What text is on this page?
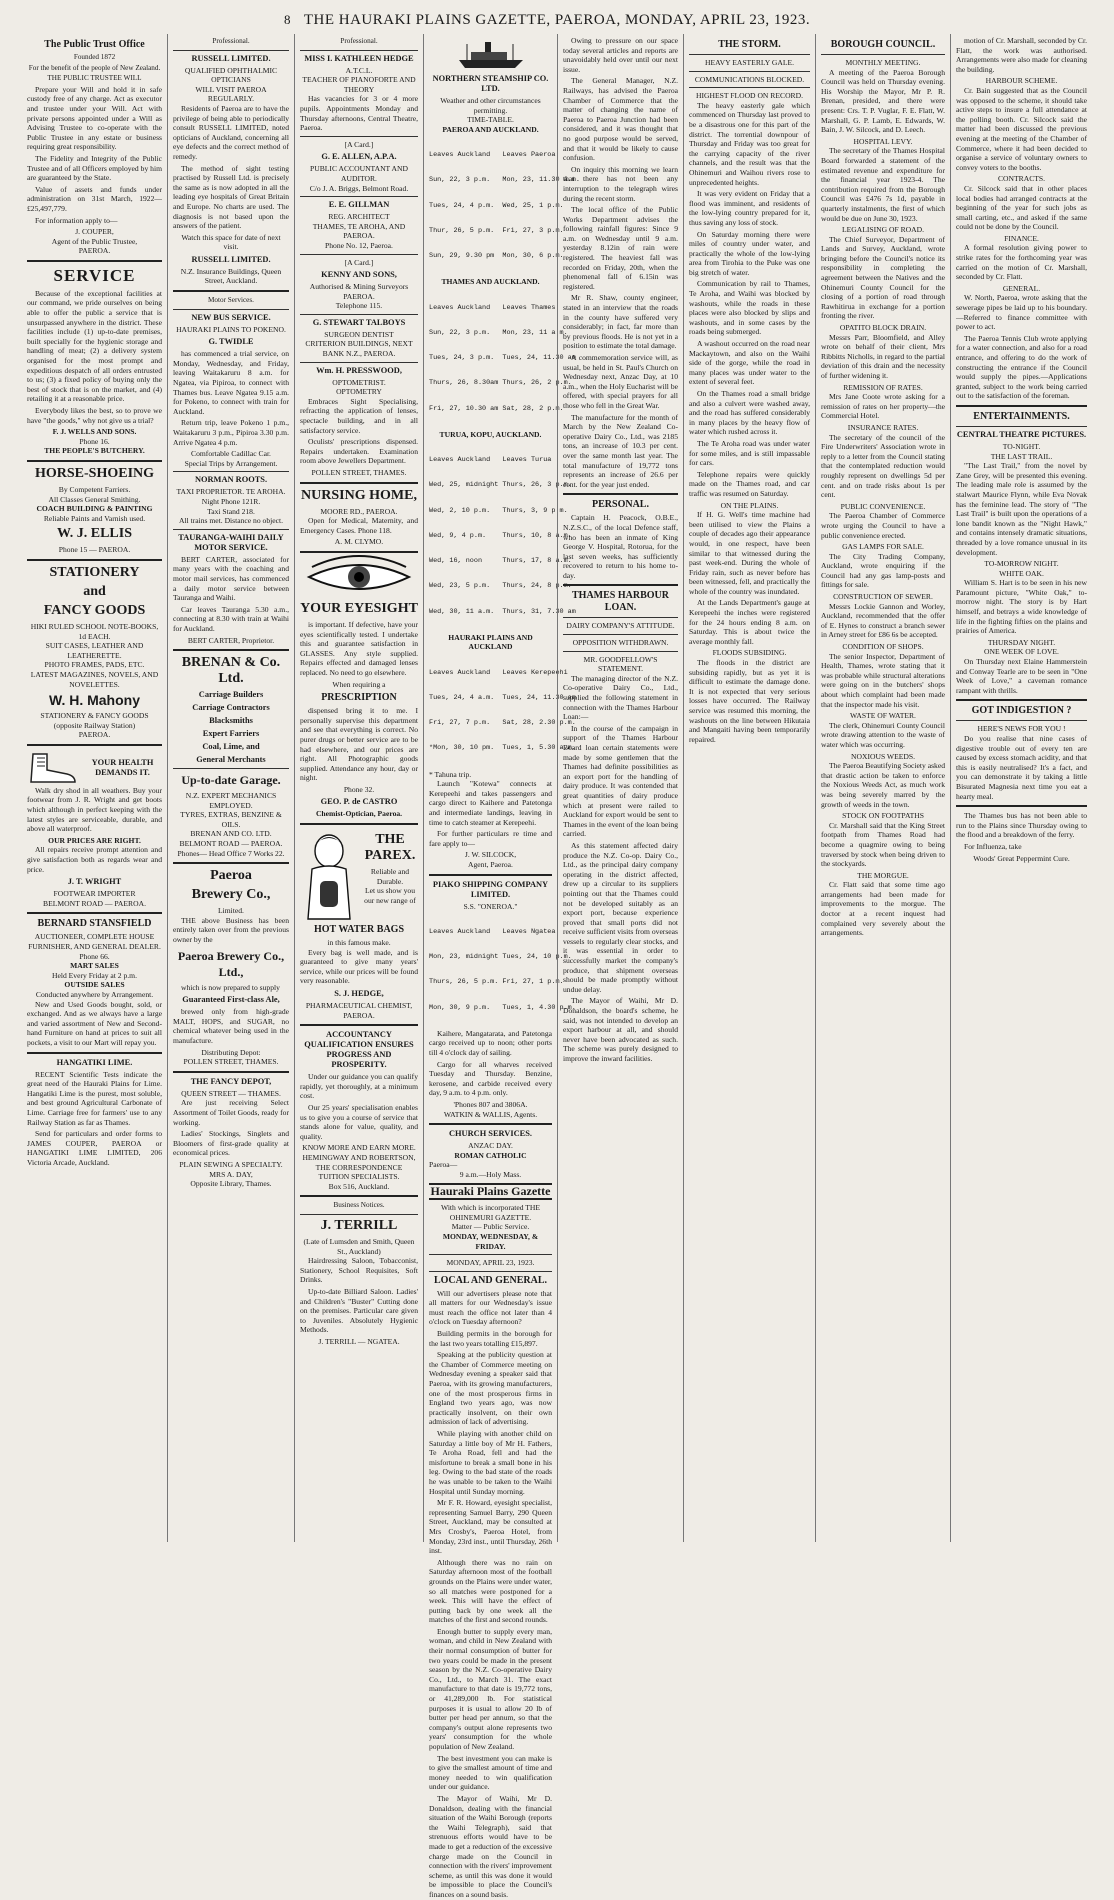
8 THE HAURAKI PLAINS GAZETTE, PAEROA, MONDAY, APRIL 23, 1923.
The Public Trust Office
Founded 1872
For the benefit of the people of New Zealand.
THE PUBLIC TRUSTEE WILL
Prepare your Will and hold it in safe custody free of any charge. Act as executor and trustee under your Will. Act with private persons appointed under a Will as Advising Trustee to co-operate with the Public Trustee in any estate or business requiring great responsibility.
The Fidelity and Integrity of the Public Trustee and of all Officers employed by him are guaranteed by the State.
Value of assets and funds under administration on 31st March, 1922—£25,497,779.
For information apply to—
J. COUPER,
Agent of the Public Trustee,
PAEROA.
SERVICE
Because of the exceptional facilities at our command, we pride ourselves on being able to offer the public a service that is unsurpassed anywhere in the district. These facilities include (1) up-to-date premises, built specially for the hygienic storage and handling of meat; (2) a delivery system organised for the most prompt and expeditious despatch of all orders entrusted to us; (3) a fixed policy of buying only the best of stock that is on the market, and (4) retailing it at a reasonable price.
Everybody likes the best, so to prove we have "the goods," why not give us a trial?
F. J. WELLS AND SONS.
Phone 16.
THE PEOPLE'S BUTCHERY.
HORSE-SHOEING
By Competent Farriers.
All Classes General Smithing.
COACH BUILDING & PAINTING
Reliable Paints and Varnish used.
W. J. ELLIS
Phone 15 — PAEROA.
STATIONERY
and
FANCY GOODS
HIKI RULED SCHOOL NOTE-BOOKS, 1d EACH.
SUIT CASES, LEATHER AND LEATHERETTE.
PHOTO FRAMES, PADS, ETC.
LATEST MAGAZINES, NOVELS, AND NOVELETTES.
W. H. Mahony
STATIONERY & FANCY GOODS
(opposite Railway Station)
PAEROA.
YOUR HEALTH DEMANDS IT.
Walk dry shod in all weathers. Buy your footwear from J. R. Wright and get boots which although in perfect keeping with the latest styles are serviceable, durable, and above all waterproof.
OUR PRICES ARE RIGHT.
All repairs receive prompt attention and give satisfaction both as regards wear and price.
J. T. WRIGHT
FOOTWEAR IMPORTER
BELMONT ROAD — PAEROA.
BERNARD STANSFIELD
AUCTIONEER, COMPLETE HOUSE FURNISHER, AND GENERAL DEALER.
Phone 66.
MART SALES
Held Every Friday at 2 p.m.
OUTSIDE SALES
Conducted anywhere by Arrangement.
New and Used Goods bought, sold, or exchanged. And as we always have a large and varied assortment of New and Second-hand Furniture on hand at prices to suit all pockets, a visit to our Mart will repay you.
HANGATIKI LIME.
RECENT Scientific Tests indicate the great need of the Hauraki Plains for Lime. Hangatiki Lime is the purest, most soluble, and best ground Agricultural Carbonate of Lime. Carriage free for farmers' use to any Railway Station as far as Thames.
Send for particulars and order forms to JAMES COUPER, PAEROA or HANGATIKI LIME LIMITED, 206 Victoria Arcade, Auckland.
Professional.
RUSSELL LIMITED.
QUALIFIED OPHTHALMIC OPTICIANS
WILL VISIT PAEROA REGULARLY.
Residents of Paeroa are to have the privilege of being able to periodically consult RUSSELL LIMITED, noted opticians of Auckland, concerning all eye defects and the correct method of remedy.
The method of sight testing practised by Russell Ltd. is precisely the same as is now adopted in all the leading eye hospitals of Great Britain and Europe. No charts are used. The diagnosis is not based upon the answers of the patient.
Watch this space for date of next visit.
RUSSELL LIMITED.
N.Z. Insurance Buildings, Queen Street, Auckland.
Motor Services.
NEW BUS SERVICE.
HAURAKI PLAINS TO POKENO.
G. TWIDLE
has commenced a trial service, on Monday, Wednesday, and Friday, leaving Waitakaruru 8 a.m. for Ngatea, via Pipiroa, to connect with Thames bus. Leave Ngatea 9.15 a.m. for Pokeno, to connect with train for Auckland.
Return trip, leave Pokeno 1 p.m., Waitakaruru 3 p.m., Pipiroa 3.30 p.m. Arrive Ngatea 4 p.m.
Comfortable Cadillac Car.
Special Trips by Arrangement.
NORMAN ROOTS.
TAXI PROPRIETOR. TE AROHA.
Night Phone 121R.
Taxi Stand 218.
All trains met. Distance no object.
TAURANGA-WAIHI DAILY MOTOR SERVICE.
BERT CARTER, associated for many years with the coaching and motor mail services, has commenced a daily motor service between Tauranga and Waihi.
Car leaves Tauranga 5.30 a.m., connecting at 8.30 with train at Waihi for Auckland.
BERT CARTER, Proprietor.
BRENAN & Co. Ltd.
Carriage Builders
Carriage Contractors
Blacksmiths
Expert Farriers
Coal, Lime, and
General Merchants
Up-to-date Garage.
N.Z. EXPERT MECHANICS EMPLOYED.
TYRES, EXTRAS, BENZINE & OILS.
BRENAN AND CO. LTD.
BELMONT ROAD — PAEROA.
Phones— Head Office 7 Works 22.
Paeroa
Brewery Co.,
Limited.
THE above Business has been entirely taken over from the previous owner by the
Paeroa Brewery Co., Ltd.,
which is now prepared to supply
Guaranteed First-class Ale,
brewed only from high-grade MALT, HOPS, and SUGAR, no chemical whatever being used in the manufacture.
Distributing Depot:
POLLEN STREET, THAMES.
THE FANCY DEPOT,
QUEEN STREET — THAMES.
Are just receiving Select Assortment of Toilet Goods, ready for working.
Ladies' Stockings, Singlets and Bloomers of first-grade quality at economical prices.
PLAIN SEWING A SPECIALTY.
MRS A. DAY,
Opposite Library, Thames.
Professional.
MISS I. KATHLEEN HEDGE
A.T.C.L.
TEACHER OF PIANOFORTE AND THEORY
Has vacancies for 3 or 4 more pupils. Appointments Monday and Thursday afternoons, Central Theatre, Paeroa.
[A Card.]
G. E. ALLEN, A.P.A.
PUBLIC ACCOUNTANT AND AUDITOR.
C/o J. A. Briggs, Belmont Road.
E. E. GILLMAN
REG. ARCHITECT
THAMES, TE AROHA, AND PAEROA.
Phone No. 12, Paeroa.
[A Card.]
KENNY AND SONS,
Authorised & Mining Surveyors
PAEROA.
Telephone 115.
G. STEWART TALBOYS
SURGEON DENTIST
CRITERION BUILDINGS, NEXT BANK N.Z., PAEROA.
Wm. H. PRESSWOOD,
OPTOMETRIST.
OPTOMETRY
Embraces Sight Specialising, refracting the application of lenses, spectacle building, and in all satisfactory service.
Oculists' prescriptions dispensed. Repairs undertaken. Examination room above Jewellers Department.
POLLEN STREET, THAMES.
NURSING HOME,
MOORE RD., PAEROA.
Open for Medical, Maternity, and Emergency Cases. Phone 118.
A. M. CLYMO.
YOUR EYESIGHT
is important. If defective, have your eyes scientifically tested. I undertake this and guarantee satisfaction in GLASSES. Any style supplied. Repairs effected and damaged lenses replaced. No need to go elsewhere.
When requiring a
PRESCRIPTION
dispensed bring it to me. I personally supervise this department and see that everything is correct. No purer drugs or better service are to be had elsewhere, and our prices are right. All Photographic goods supplied. Attendance any hour, day or night.
Phone 32.
GEO. P. de CASTRO
Chemist-Optician, Paeroa.
THE PAREX.
Reliable and Durable.
Let us show you our new range of
HOT WATER BAGS
in this famous make.
Every bag is well made, and is guaranteed to give many years' service, while our prices will be found very reasonable.
S. J. HEDGE,
PHARMACEUTICAL CHEMIST, PAEROA.
ACCOUNTANCY QUALIFICATION ENSURES PROGRESS AND PROSPERITY.
Under our guidance you can qualify rapidly, yet thoroughly, at a minimum cost.
Our 25 years' specialisation enables us to give you a course of service that stands alone for value, quality, and quality.
KNOW MORE AND EARN MORE.
HEMINGWAY AND ROBERTSON,
THE CORRESPONDENCE TUITION SPECIALISTS.
Box 516, Auckland.
Business Notices.
J. TERRILL
(Late of Lumsden and Smith, Queen St., Auckland)
Hairdressing Saloon, Tobacconist, Stationery, School Requisites, Soft Drinks.
Up-to-date Billiard Saloon. Ladies' and Children's "Buster" Cutting done on the premises. Particular care given to Juveniles. Absolutely Hygienic Methods.
J. TERRILL — NGATEA.
NORTHERN STEAMSHIP CO. LTD.
Weather and other circumstances permitting.
TIME-TABLE.
PAEROA AND AUCKLAND.

Leaves Auckland   Leaves Paeroa

Sun, 22, 3 p.m.   Mon, 23, 11.30 a.m.

Tues, 24, 4 p.m.  Wed, 25, 1 p.m.

Thur, 26, 5 p.m.  Fri, 27, 3 p.m.

Sun, 29, 9.30 pm  Mon, 30, 6 p.m.

THAMES AND AUCKLAND.

Leaves Auckland   Leaves Thames

Sun, 22, 3 p.m.   Mon, 23, 11 a.m.

Tues, 24, 3 p.m.  Tues, 24, 11.30 am

Thurs, 26, 8.30am Thurs, 26, 2 p.m.

Fri, 27, 10.30 am Sat, 28, 2 p.m.

TURUA, KOPU, AUCKLAND.

Leaves Auckland   Leaves Turua

Wed, 25, midnight Thurs, 26, 3 p.m.

Wed, 2, 10 p.m.   Thurs, 3, 9 p.m.

Wed, 9, 4 p.m.    Thurs, 10, 8 a.m.

Wed, 16, noon     Thurs, 17, 8 a.m.

Wed, 23, 5 p.m.   Thurs, 24, 8 p.m.

Wed, 30, 11 a.m.  Thurs, 31, 7.30 am

HAURAKI PLAINS AND AUCKLAND

Leaves Auckland   Leaves Kerepeehi

Tues, 24, 4 a.m.  Tues, 24, 11.30 am

Fri, 27, 7 p.m.   Sat, 28, 2.30 p.m.

*Mon, 30, 10 pm.  Tues, 1, 5.30 a.m.

* Tahuna trip.
Launch "Kotewa" connects at Kerepeehi and takes passengers and cargo direct to Kaihere and Patetonga and intermediate landings, leaving in time to catch steamer at Kerepeehi.
For further particulars re time and fare apply to—
J. W. SILCOCK,
Agent, Paeroa.
PIAKO SHIPPING COMPANY LIMITED.
S.S. "ONEROA."

Leaves Auckland   Leaves Ngatea

Mon, 23, midnight Tues, 24, 10 p.m.

Thurs, 26, 5 p.m. Fri, 27, 1 p.m.

Mon, 30, 9 p.m.   Tues, 1, 4.30 p.m.

Kaihere, Mangatarata, and Patetonga cargo received up to noon; other ports till 4 o'clock day of sailing.
Cargo for all wharves received Tuesday and Thursday. Benzine, kerosene, and carbide received every day, 9 a.m. to 4 p.m. only.
'Phones 807 and 3806A.
WATKIN & WALLIS, Agents.
CHURCH SERVICES.
ANZAC DAY.
ROMAN CATHOLIC
Paeroa—
9 a.m.—Holy Mass.
Hauraki Plains Gazette
With which is incorporated THE OHINEMURI GAZETTE.
Matter — Public Service.
MONDAY, WEDNESDAY, & FRIDAY.
MONDAY, APRIL 23, 1923.
LOCAL AND GENERAL.
Will our advertisers please note that all matters for our Wednesday's issue must reach the office not later than 4 o'clock on Tuesday afternoon?
Building permits in the borough for the last two years totalling £15,897.
Speaking at the publicity question at the Chamber of Commerce meeting on Wednesday evening a speaker said that Paeroa, with its growing manufacturers, one of the most prosperous firms in England two years ago, was now practically insolvent, on their own admission of lack of advertising.
While playing with another child on Saturday a little boy of Mr H. Fathers, Te Aroha Road, fell and had the misfortune to break a small bone in his leg. Owing to the bad state of the roads he was unable to be taken to the Waihi Hospital until Sunday morning.
Mr F. R. Howard, eyesight specialist, representing Samuel Barry, 290 Queen Street, Auckland, may be consulted at Mrs Crosby's, Paeroa Hotel, from Monday, 23rd inst., until Thursday, 26th inst.
Although there was no rain on Saturday afternoon most of the football grounds on the Plains were under water, so all matches were postponed for a week. This will have the effect of putting back by one week all the matches of the first and second rounds.
Enough butter to supply every man, woman, and child in New Zealand with their normal consumption of butter for two years could be made in the present season by the N.Z. Co-operative Dairy Co., Ltd., to March 31. The exact manufacture to that date is 19,772 tons, or 41,289,000 lb. For statistical purposes it is usual to allow 20 lb of butter per head per annum, so that the company's output alone represents two years' consumption for the whole population of New Zealand.
The best investment you can make is to give the smallest amount of time and money needed to win qualification under our guidance.
The Mayor of Waihi, Mr D. Donaldson, dealing with the financial situation of the Waihi Borough (reports the Waihi Telegraph), said that strenuous efforts would have to be made to get a reduction of the excessive charge made on the Council in connection with the rivers' improvement scheme, as until this was done it would be impossible to place the Council's finances on a sound basis.
Owing to pressure on our space today several articles and reports are unavoidably held over until our next issue.
The General Manager, N.Z. Railways, has advised the Paeroa Chamber of Commerce that the matter of changing the name of Paeroa to Paeroa Junction had been considered, and it was thought that no good purpose would be served, and that it would be likely to cause confusion.
On inquiry this morning we learn that there has not been any interruption to the telegraph wires during the recent storm.
The local office of the Public Works Department advises the following rainfall figures: Since 9 a.m. on Wednesday until 9 a.m. yesterday 8.12in of rain were registered. The heaviest fall was recorded on Friday, 20th, when the phenomenal fall of 6.15in was registered.
Mr R. Shaw, county engineer, stated in an interview that the roads in the county have suffered very considerably; in fact, far more than by previous floods. He is not yet in a position to estimate the total damage.
A commemoration service will, as usual, be held in St. Paul's Church on Wednesday next, Anzac Day, at 10 a.m., when the Holy Eucharist will be offered, with special prayers for all those who fell in the Great War.
The manufacture for the month of March by the New Zealand Co-operative Dairy Co., Ltd., was 2185 tons, an increase of 10.3 per cent. over the same month last year. The total manufacture of 19,772 tons represents an increase of 26.6 per cent. for the year just ended.
PERSONAL.
Captain H. Peacock, O.B.E., N.Z.S.C., of the local Defence staff, who has been an inmate of King George V. Hospital, Rotorua, for the last seven weeks, has sufficiently recovered to return to his home to-day.
THAMES HARBOUR LOAN.
DAIRY COMPANY'S ATTITUDE.
OPPOSITION WITHDRAWN.
MR. GOODFELLOW'S STATEMENT.
The managing director of the N.Z. Co-operative Dairy Co., Ltd., supplied the following statement in connection with the Thames Harbour Loan:—
In the course of the campaign in support of the Thames Harbour Board loan certain statements were made by some gentlemen that the Thames had definite possibilities as an export port for the handling of dairy produce. It was contended that great quantities of dairy produce which at present were railed to Auckland for export would be sent to Thames in the event of the loan being carried.
As this statement affected dairy produce the N.Z. Co-op. Dairy Co., Ltd., as the principal dairy company operating in the district affected, drew up a circular to its suppliers pointing out that the Thames could not be developed suitably as an export port, because experience proved that small ports did not receive sufficient visits from overseas vessels to regularly clear stocks, and it was essential in order to successfully market the company's produce, that shipment overseas should be made promptly without undue delay.
The Mayor of Waihi, Mr D. Donaldson, the board's scheme, he said, was not intended to develop an export harbour at all, and should never have been advocated as such. The scheme was purely designed to improve the inward facilities.
THE STORM.
HEAVY EASTERLY GALE.
COMMUNICATIONS BLOCKED.
HIGHEST FLOOD ON RECORD.
The heavy easterly gale which commenced on Thursday last proved to be a disastrous one for this part of the district. The torrential downpour of Thursday and Friday was too great for the carrying capacity of the river channels, and the result was that the Ohinemuri and Waihou rivers rose to unprecedented heights.
It was very evident on Friday that a flood was imminent, and residents of the low-lying country prepared for it, thus saving any loss of stock.
On Saturday morning there were miles of country under water, and practically the whole of the low-lying area from Tirohia to the Puke was one big stretch of water.
Communication by rail to Thames, Te Aroha, and Waihi was blocked by washouts, while the roads in these places were also blocked by slips and washouts, and in some cases by the roads being submerged.
A washout occurred on the road near Mackaytown, and also on the Waihi side of the gorge, while the road in many places was under water to the extent of several feet.
On the Thames road a small bridge and also a culvert were washed away, and the road has suffered considerably in many places by the heavy flow of water which rushed across it.
The Te Aroha road was under water for some miles, and is still impassable for cars.
Telephone repairs were quickly made on the Thames road, and car traffic was resumed on Saturday.
ON THE PLAINS.
If H. G. Well's time machine had been utilised to view the Plains a couple of decades ago their appearance would, in one respect, have been similar to that witnessed during the past week-end. During the whole of Friday rain, such as never before has been witnessed, fell, and practically the whole of the country was inundated.
At the Lands Department's gauge at Kerepeehi the inches were registered for the 24 hours ending 8 a.m. on Saturday. This is about twice the average monthly fall.
FLOODS SUBSIDING.
The floods in the district are subsiding rapidly, but as yet it is difficult to estimate the damage done. It is not expected that very serious losses have occurred. The Railway service was resumed this morning, the washouts on the line between Hikutaia and Mangaiti having been temporarily repaired.
BOROUGH COUNCIL.
MONTHLY MEETING.
A meeting of the Paeroa Borough Council was held on Thursday evening. His Worship the Mayor, Mr P. R. Brenan, presided, and there were present: Crs. T. P. Vuglar, F. E. Flatt, W. Marshall, G. P. Lamb, E. Edwards, W. Bain, J. W. Silcock, and D. Leech.
HOSPITAL LEVY.
The secretary of the Thames Hospital Board forwarded a statement of the estimated revenue and expenditure for the financial year 1923-4. The contribution required from the Borough Council was £476 7s 1d, payable in quarterly instalments, the first of which would be due on June 30, 1923.
LEGALISING OF ROAD.
The Chief Surveyor, Department of Lands and Survey, Auckland, wrote bringing before the Council's notice its responsibility in completing the agreement between the Natives and the Ohinemuri County Council for the closing of a portion of road through Rawhitirua in exchange for a portion fronting the river.
OPATITO BLOCK DRAIN.
Messrs Parr, Bloomfield, and Alley wrote on behalf of their client, Mrs Ribbitts Nicholls, in regard to the partial deviation of this drain and the necessity of further widening it.
REMISSION OF RATES.
Mrs Jane Coote wrote asking for a remission of rates on her property—the Commercial Hotel.
INSURANCE RATES.
The secretary of the council of the Fire Underwriters' Association wrote in reply to a letter from the Council stating that the contemplated reduction would roughly represent on dwellings 5d per cent. and on trade risks about 1s per cent.
PUBLIC CONVENIENCE.
The Paeroa Chamber of Commerce wrote urging the Council to have a public convenience erected.
GAS LAMPS FOR SALE.
The City Trading Company, Auckland, wrote enquiring if the Council had any gas lamp-posts and fittings for sale.
CONSTRUCTION OF SEWER.
Messrs Lockie Gannon and Worley, Auckland, recommended that the offer of E. Hynes to construct a branch sewer in Arney street for £86 6s be accepted.
CONDITION OF SHOPS.
The senior Inspector, Department of Health, Thames, wrote stating that it was probable while structural alterations were going on in the butchers' shops about which complaint had been made that the inspector made his visit.
WASTE OF WATER.
The clerk, Ohinemuri County Council wrote drawing attention to the waste of water which was occurring.
NOXIOUS WEEDS.
The Paeroa Beautifying Society asked that drastic action be taken to enforce the Noxious Weeds Act, as much work was being severely marred by the growth of weeds in the town.
STOCK ON FOOTPATHS
Cr. Marshall said that the King Street footpath from Thames Road had become a quagmire owing to being traversed by stock when being driven to the stockyards.
THE MORGUE.
Cr. Flatt said that some time ago arrangements had been made for improvements to the morgue. The doctor at a recent inquest had complained very severely about the arrangements.
motion of Cr. Marshall, seconded by Cr. Flatt, the work was authorised. Arrangements were also made for cleaning the building.
HARBOUR SCHEME.
Cr. Bain suggested that as the Council was opposed to the scheme, it should take active steps to insure a full attendance at the polling booth. Cr. Silcock said the matter had been discussed the previous evening at the meeting of the Chamber of Commerce, where it had been decided to organise a service of voluntary owners to convey voters to the booths.
CONTRACTS.
Cr. Silcock said that in other places local bodies had arranged contracts at the beginning of the year for such jobs as small carting, etc., and asked if the same could not be done by the Council.
FINANCE.
A formal resolution giving power to strike rates for the forthcoming year was carried on the motion of Cr. Marshall, seconded by Cr. Flatt.
GENERAL.
W. North, Paeroa, wrote asking that the sewerage pipes be laid up to his boundary.—Referred to finance committee with power to act.
The Paeroa Tennis Club wrote applying for a water connection, and also for a road entrance, and offering to do the work of constructing the entrance if the Council would supply the pipes.—Applications granted, subject to the work being carried out to the satisfaction of the foreman.
ENTERTAINMENTS.
CENTRAL THEATRE PICTURES.
TO-NIGHT.
THE LAST TRAIL.
"The Last Trail," from the novel by Zane Grey, will be presented this evening. The leading male role is assumed by the stalwart Maurice Flynn, while Eva Novak has the feminine lead. The story of "The Last Trail" is built upon the operations of a lone bandit known as the "Night Hawk," and contains intensely dramatic situations, threaded by a love romance unusual in its development.
TO-MORROW NIGHT.
WHITE OAK.
William S. Hart is to be seen in his new Paramount picture, "White Oak," to-morrow night. The story is by Hart himself, and betrays a wide knowledge of life in the fighting fifties on the plains and prairies of America.
THURSDAY NIGHT.
ONE WEEK OF LOVE.
On Thursday next Elaine Hammerstein and Conway Tearle are to be seen in "One Week of Love," a caveman romance rampant with thrills.
GOT INDIGESTION ?
HERE'S NEWS FOR YOU !
Do you realise that nine cases of digestive trouble out of every ten are caused by excess stomach acidity, and that this is easily neutralised? It's a fact, and you can demonstrate it by taking a little Bisurated Magnesia next time you eat a hearty meal.
The Thames bus has not been able to run to the Plains since Thursday owing to the flood and a breakdown of the ferry.
For Influenza, take
Woods' Great Peppermint Cure.
